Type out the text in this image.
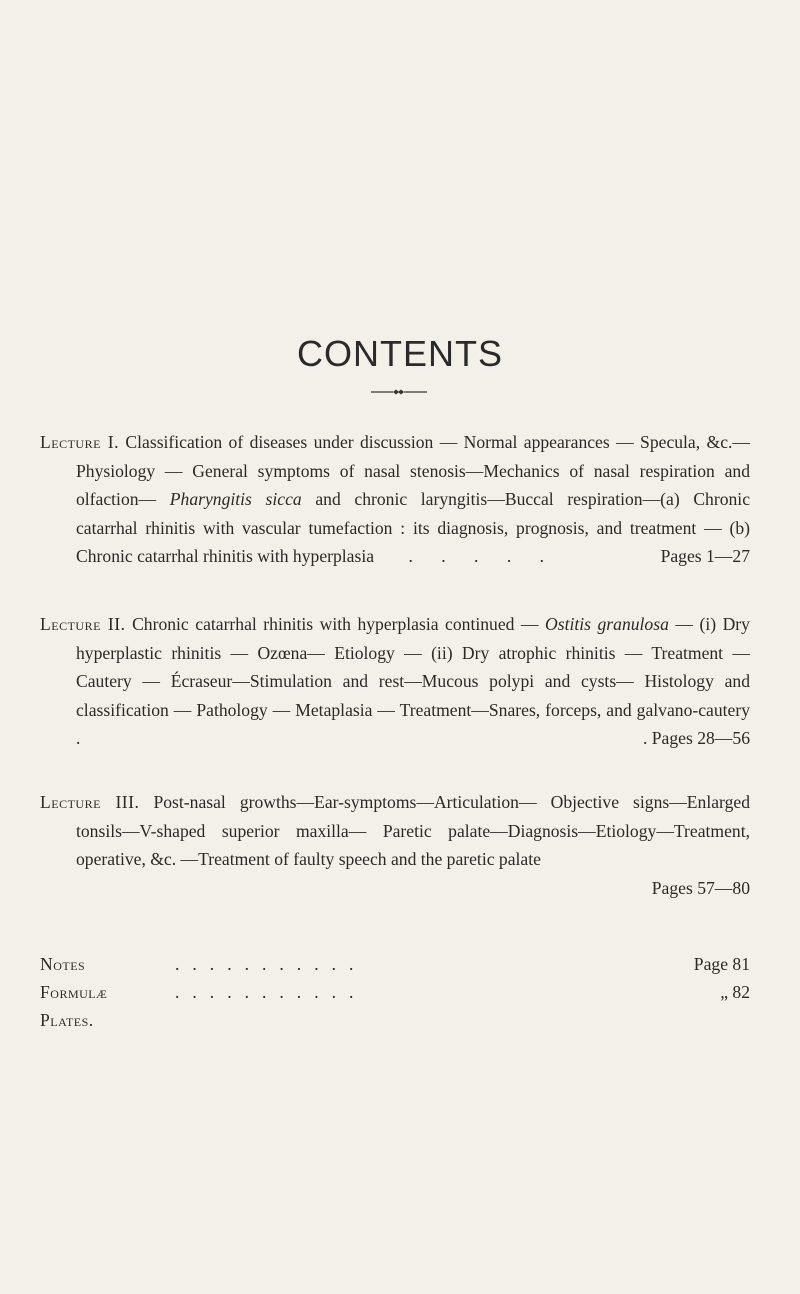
CONTENTS

Lecture I. Classification of diseases under discussion — Normal appearances — Specula, &c.—Physiology — General symptoms of nasal stenosis—Mechanics of nasal respiration and olfaction— Pharyngitis sicca and chronic laryngitis—Buccal respiration—(a) Chronic catarrhal rhinitis with vascular tumefaction : its diagnosis, prognosis, and treatment — (b) Chronic catarrhal rhinitis with hyperplasia . . . . .	Pages 1—27

Lecture II. Chronic catarrhal rhinitis with hyperplasia continued — Ostitis granulosa — (i) Dry hyperplastic rhinitis — Ozœna— Etiology — (ii) Dry atrophic rhinitis — Treatment — Cautery — Écraseur—Stimulation and rest—Mucous polypi and cysts— Histology and classification — Pathology — Metaplasia — Treatment—Snares, forceps, and galvano-cautery .	. Pages 28—56

Lecture III. Post-nasal growths—Ear-symptoms—Articulation— Objective signs—Enlarged tonsils—V-shaped superior maxilla— Paretic palate—Diagnosis—Etiology—Treatment, operative, &c. —Treatment of faulty speech and the paretic palate

Pages 57—80

Notes	...........	Page 81
Formulæ	...........	„ 82
Plates.
